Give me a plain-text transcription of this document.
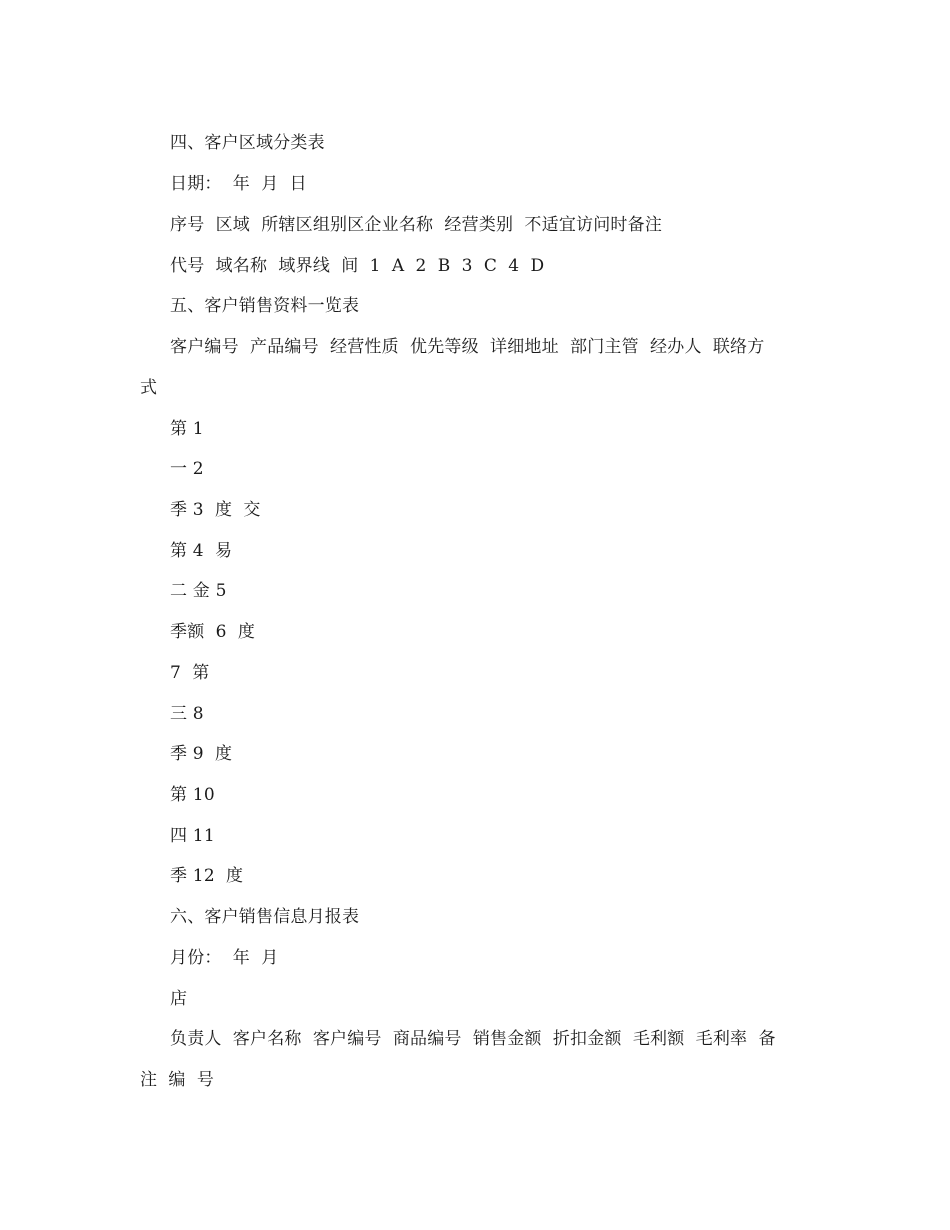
四、客户区域分类表
日期：  年  月  日
序号  区域  所辖区组别区企业名称  经营类别  不适宜访问时备注
代号  域名称  域界线  间  1  A  2  B  3  C  4  D
五、客户销售资料一览表
客户编号  产品编号  经营性质  优先等级  详细地址  部门主管  经办人  联络方
式
第 1
一 2
季 3  度  交
第 4  易
二 金 5
季额  6  度
7  第
三 8
季 9  度
第 10
四 11
季 12  度
六、客户销售信息月报表
月份：  年  月
店
负责人  客户名称  客户编号  商品编号  销售金额  折扣金额  毛利额  毛利率  备
注  编  号
